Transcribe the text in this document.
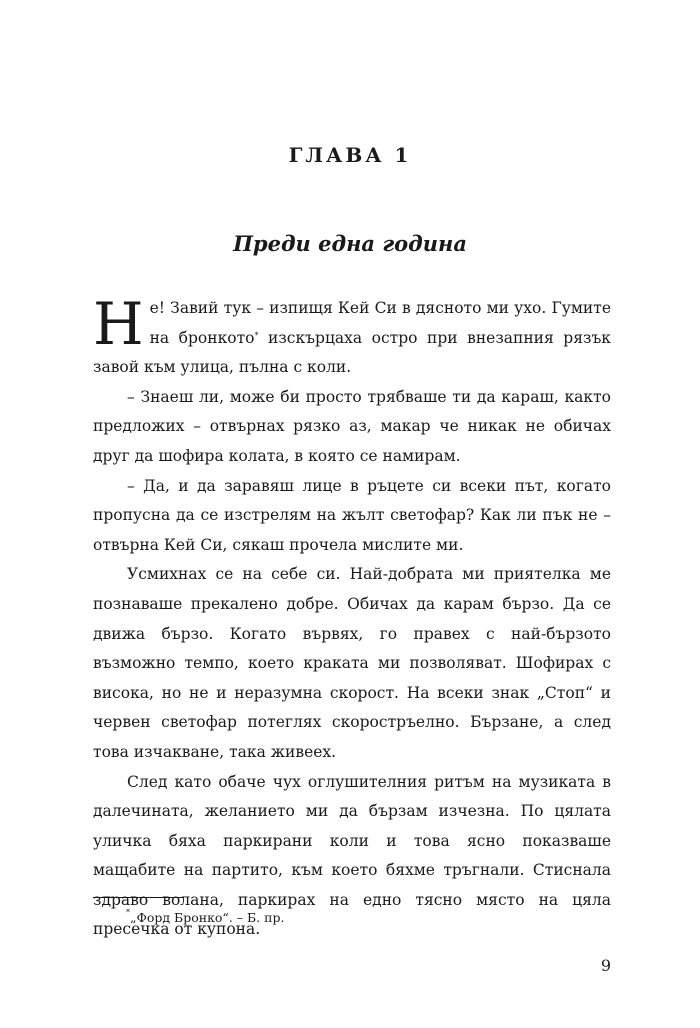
ГЛАВА 1
Преди една година

Не! Завий тук – изпищя Кей Си в дясното ми ухо. Гумите на бронкото* изскърцаха остро при внезапния рязък завой към улица, пълна с коли.

– Знаеш ли, може би просто трябваше ти да караш, както предложих – отвърнах рязко аз, макар че никак не обичах друг да шофира колата, в която се намирам.

– Да, и да заравяш лице в ръцете си всеки път, когато пропусна да се изстрелям на жълт светофар? Как ли пък не – отвърна Кей Си, сякаш прочела мислите ми.

Усмихнах се на себе си. Най-добрата ми приятелка ме познаваше прекалено добре. Обичах да карам бързо. Да се движа бързо. Когато вървях, го правех с най-бързото възможно темпо, което краката ми позволяват. Шофирах с висока, но не и неразумна скорост. На всеки знак „Стоп“ и червен светофар потеглях скоростръелно. Бързане, а след това изчакване, така живеех.

След като обаче чух оглушителния ритъм на музиката в далечината, желанието ми да бързам изчезна. По цялата уличка бяха паркирани коли и това ясно показваше мащабите на партито, към което бяхме тръгнали. Стиснала здраво волана, паркирах на едно тясно място на цяла пресечка от купона.

*„Форд Бронко“. – Б. пр.

9
